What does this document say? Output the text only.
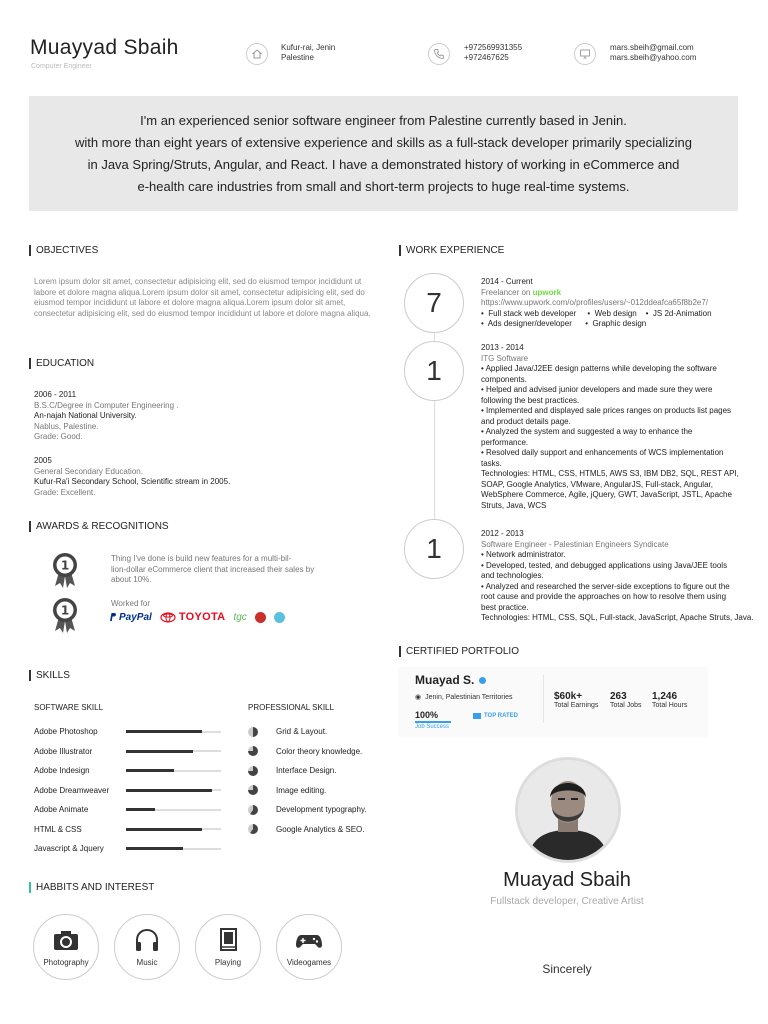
Muayyad Sbaih
Computer Engineer
Kufur-rai, Jenin
Palestine
+972569931355
+972467625
mars.sbeih@gmail.com
mars.sbeih@yahoo.com
I'm an experienced senior software engineer from Palestine currently based in Jenin.
with more than eight years of extensive experience and skills as a full-stack developer primarily specializing
in Java Spring/Struts, Angular, and React. I have a demonstrated history of working in eCommerce and
e-health care industries from small and short-term projects to huge real-time systems.
OBJECTIVES
Lorem ipsum dolor sit amet, consectetur adipisicing elit, sed do eiusmod tempor incididunt ut labore et dolore magna aliqua.Lorem ipsum dolor sit amet, consectetur adipisicing elit, sed do eiusmod tempor incididunt ut labore et dolore magna aliqua.Lorem ipsum dolor sit amet, consectetur adipisicing elit, sed do eiusmod tempor incididunt ut labore et dolore magna aliqua.
EDUCATION
2006 - 2011
B.S.C/Degree in Computer Engineering .
An-najah National University.
Nablus, Palestine.
Grade: Good.
2005
General Secondary Education.
Kufur-Ra'i Secondary School, Scientific stream in 2005.
Grade: Excellent.
AWARDS & RECOGNITIONS
1	Thing I've done is build new features for a multi-bil-
lion-dollar eCommerce client that increased their sales by
about 10%.
1	Worked for
PayPal TOYOTA tgc
SKILLS
SOFTWARE SKILL
Adobe Photoshop
Adobe Illustrator
Adobe Indesign
Adobe Dreamweaver
Adobe Animate
HTML & CSS
Javascript & Jquery
PROFESSIONAL SKILL
Grid & Layout.
Color theory knowledge.
Interface Design.
Image editing.
Development typography.
Google Analytics & SEO.
HABBITS AND INTEREST
Photography	Music	Playing	Videogames
WORK EXPERIENCE
7
2014 - Current
Freelancer on upwork
https://www.upwork.com/o/profiles/users/~012ddeafca65f8b2e7/
•  Full stack web developer     •  Web design    •  JS 2d-Animation
•  Ads designer/developer      •  Graphic design
1
2013 - 2014
ITG Software
• Applied Java/J2EE design patterns while developing the software
components.
• Helped and advised junior developers and made sure they were
following the best practices.
• Implemented and displayed sale prices ranges on products list pages
and product details page.
• Analyzed the system and suggested a way to enhance the
performance.
• Resolved daily support and enhancements of WCS implementation
tasks.
Technologies: HTML, CSS, HTML5, AWS S3, IBM DB2, SQL, REST API,
SOAP, Google Analytics, VMware, AngularJS, Full-stack, Angular,
WebSphere Commerce, Agile, jQuery, GWT, JavaScript, JSTL, Apache
Struts, Java, WCS
1	2012 - 2013
Software Engineer - Palestinian Engineers Syndicate
• Network administrator.
• Developed, tested, and debugged applications using Java/JEE tools
and technologies.
• Analyzed and researched the server-side exceptions to figure out the
root cause and provide the approaches on how to resolve them using
best practice.
Technologies: HTML, CSS, SQL, Full-stack, JavaScript, Apache Struts, Java.
CERTIFIED PORTFOLIO
Muayad S.
◉ Jenin, Palestinian Territories
100%
Job Success
TOP RATED
$60k+
Total Earnings
263
Total Jobs
1,246
Total Hours
Muayad Sbaih
Fullstack developer, Creative Artist
Sincerely
